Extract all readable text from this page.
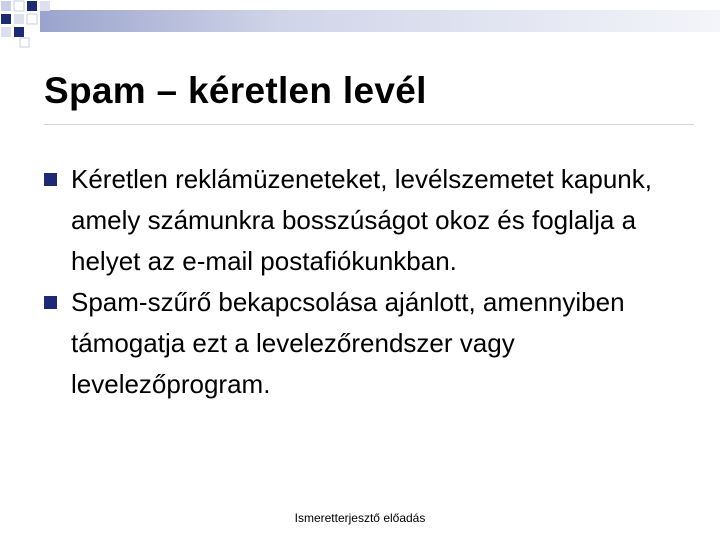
Spam – kéretlen levél
Kéretlen reklámüzeneteket, levélszemetet kapunk, amely számunkra bosszúságot okoz és foglalja a helyet az e-mail postafiókunkban.
Spam-szűrő bekapcsolása ajánlott, amennyiben támogatja ezt a levelezőrendszer vagy levelezőprogram.
Ismeretterjesztő előadás
